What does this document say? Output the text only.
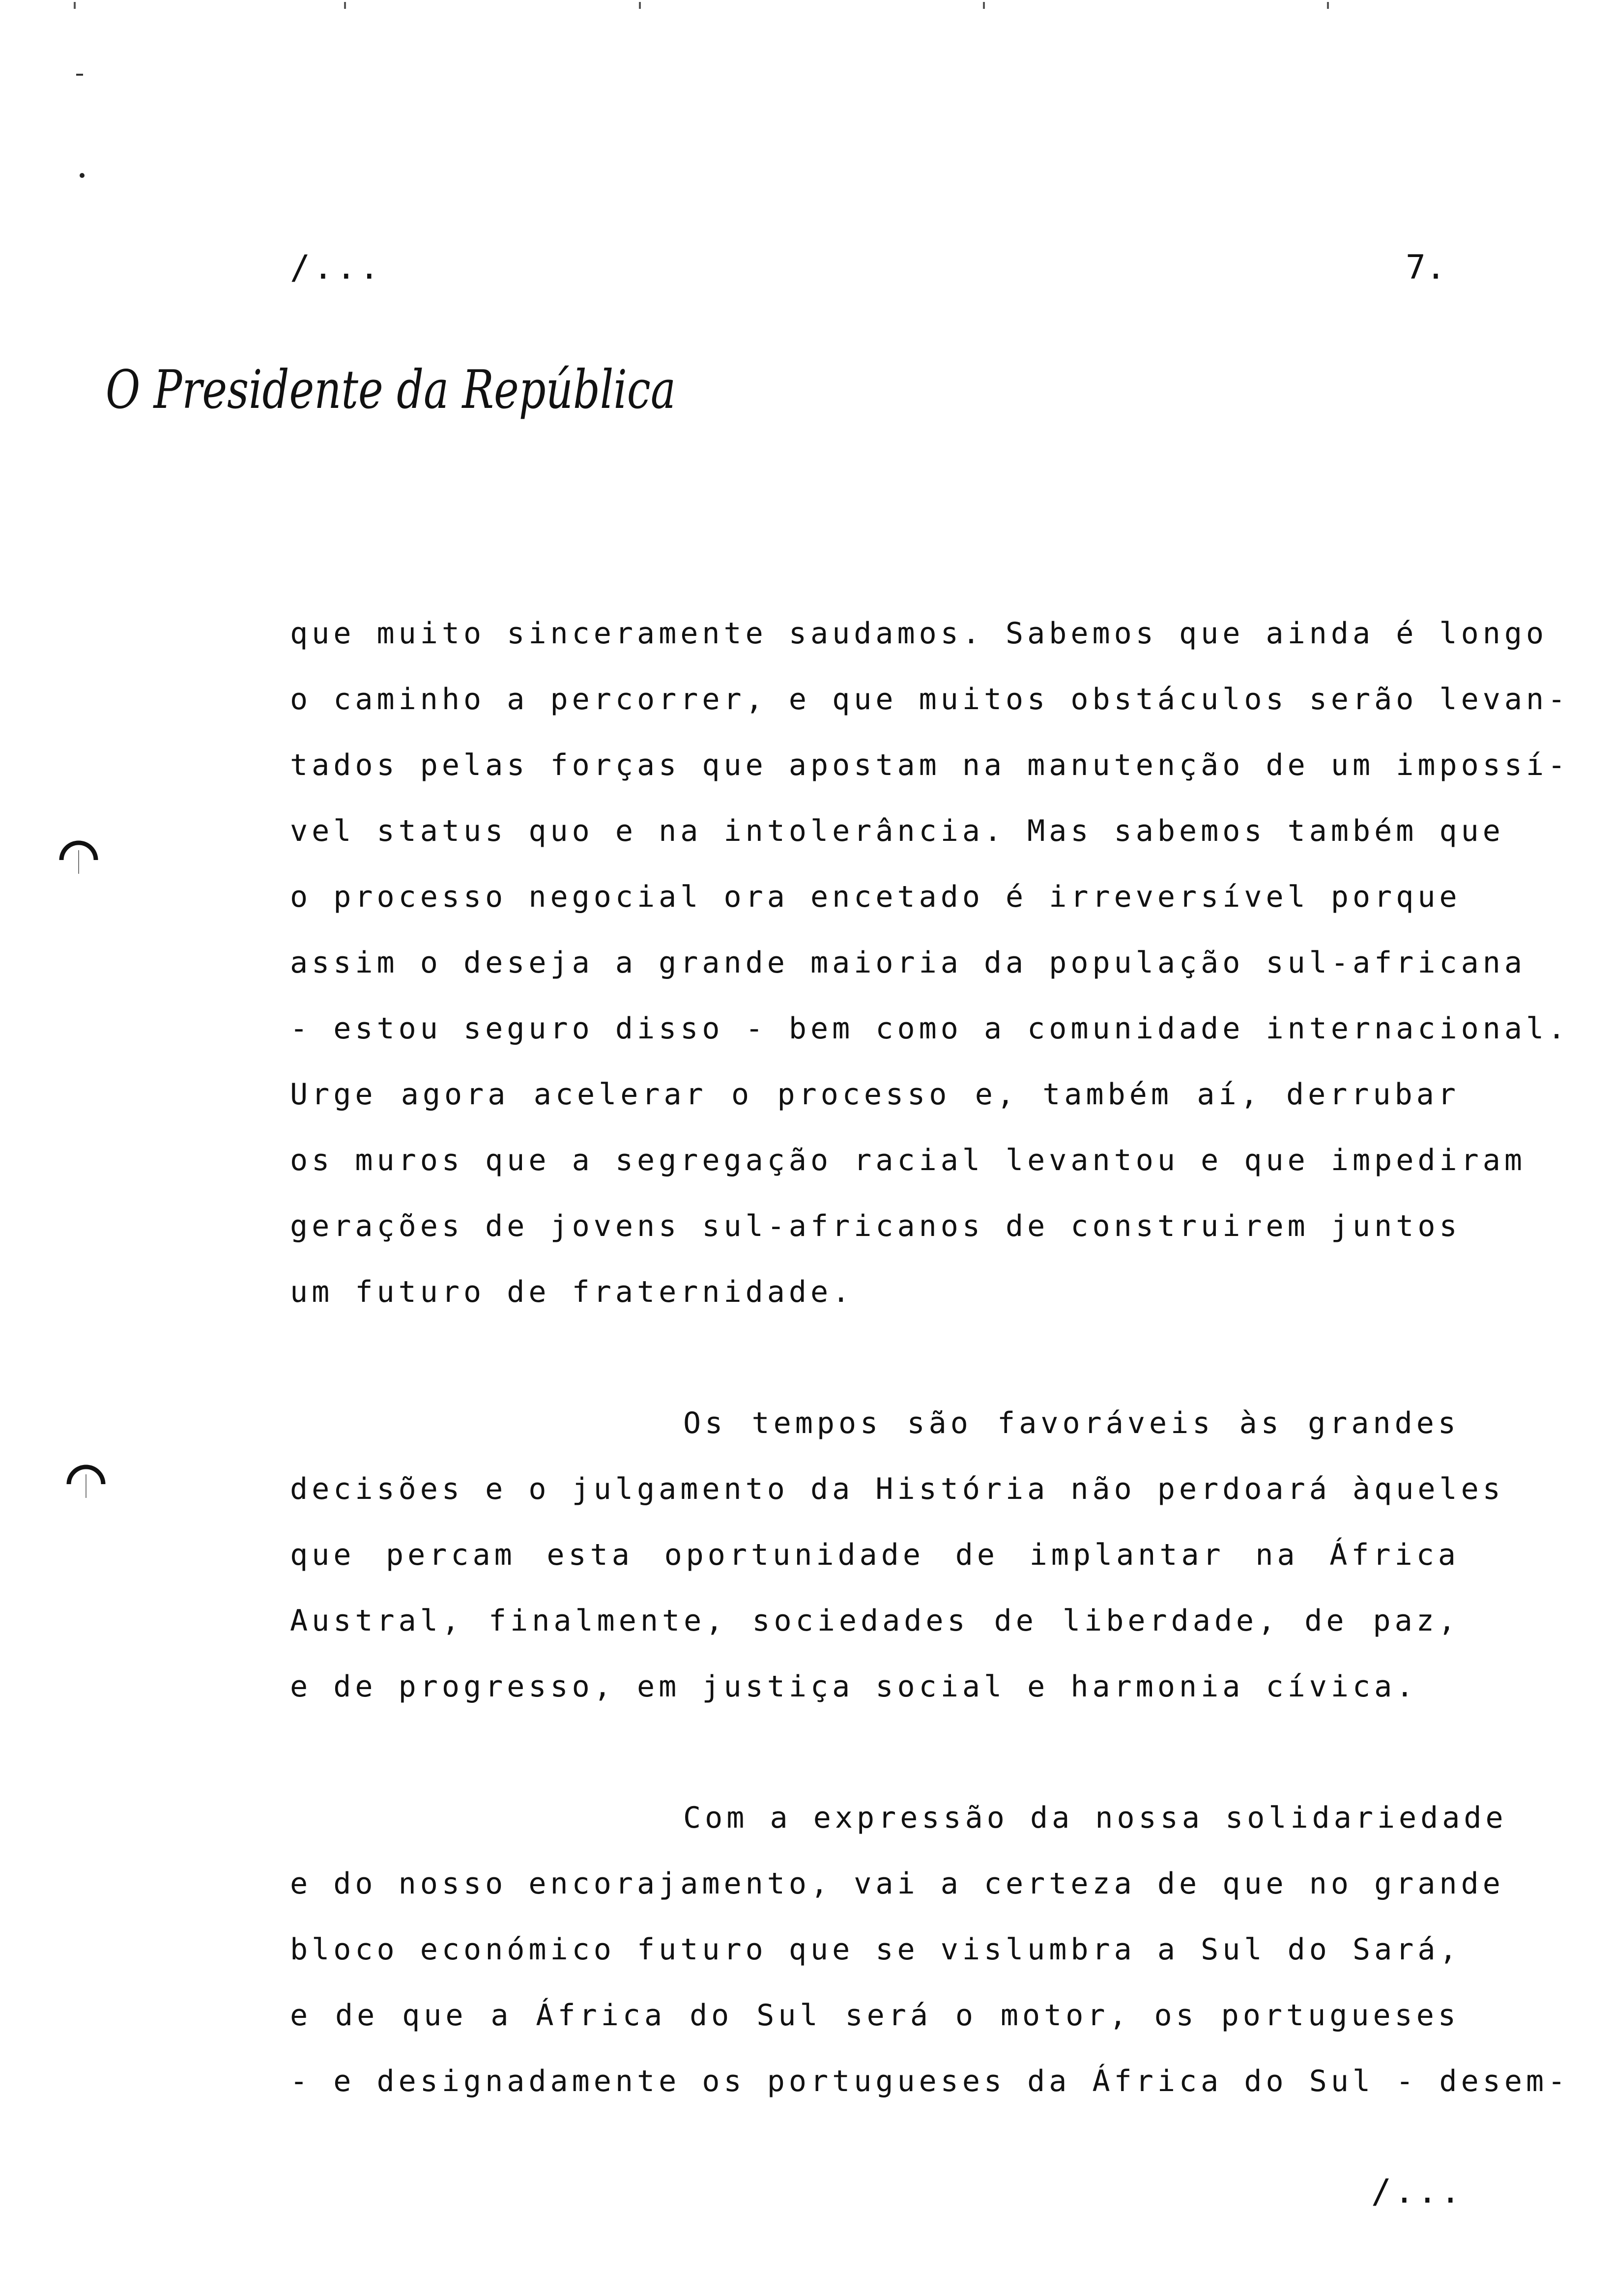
/...	7.
O Presidente da República
que muito sinceramente saudamos. Sabemos que ainda é longo
o caminho a percorrer, e que muitos obstáculos serão levan-
tados pelas forças que apostam na manutenção de um impossí-
vel status quo e na intolerância. Mas sabemos também que
o processo negocial ora encetado é irreversível porque
assim o deseja a grande maioria da população sul-africana
- estou seguro disso - bem como a comunidade internacional.
Urge agora acelerar o processo e, também aí, derrubar
os muros que a segregação racial levantou e que impediram
gerações de jovens sul-africanos de construirem juntos
um futuro de fraternidade.
Os tempos são favoráveis às grandes
decisões e o julgamento da História não perdoará àqueles
que percam esta oportunidade de implantar na África
Austral, finalmente, sociedades de liberdade, de paz,
e de progresso, em justiça social e harmonia cívica.
Com a expressão da nossa solidariedade
e do nosso encorajamento, vai a certeza de que no grande
bloco económico futuro que se vislumbra a Sul do Sará,
e de que a África do Sul será o motor, os portugueses
- e designadamente os portugueses da África do Sul - desem-
/...
